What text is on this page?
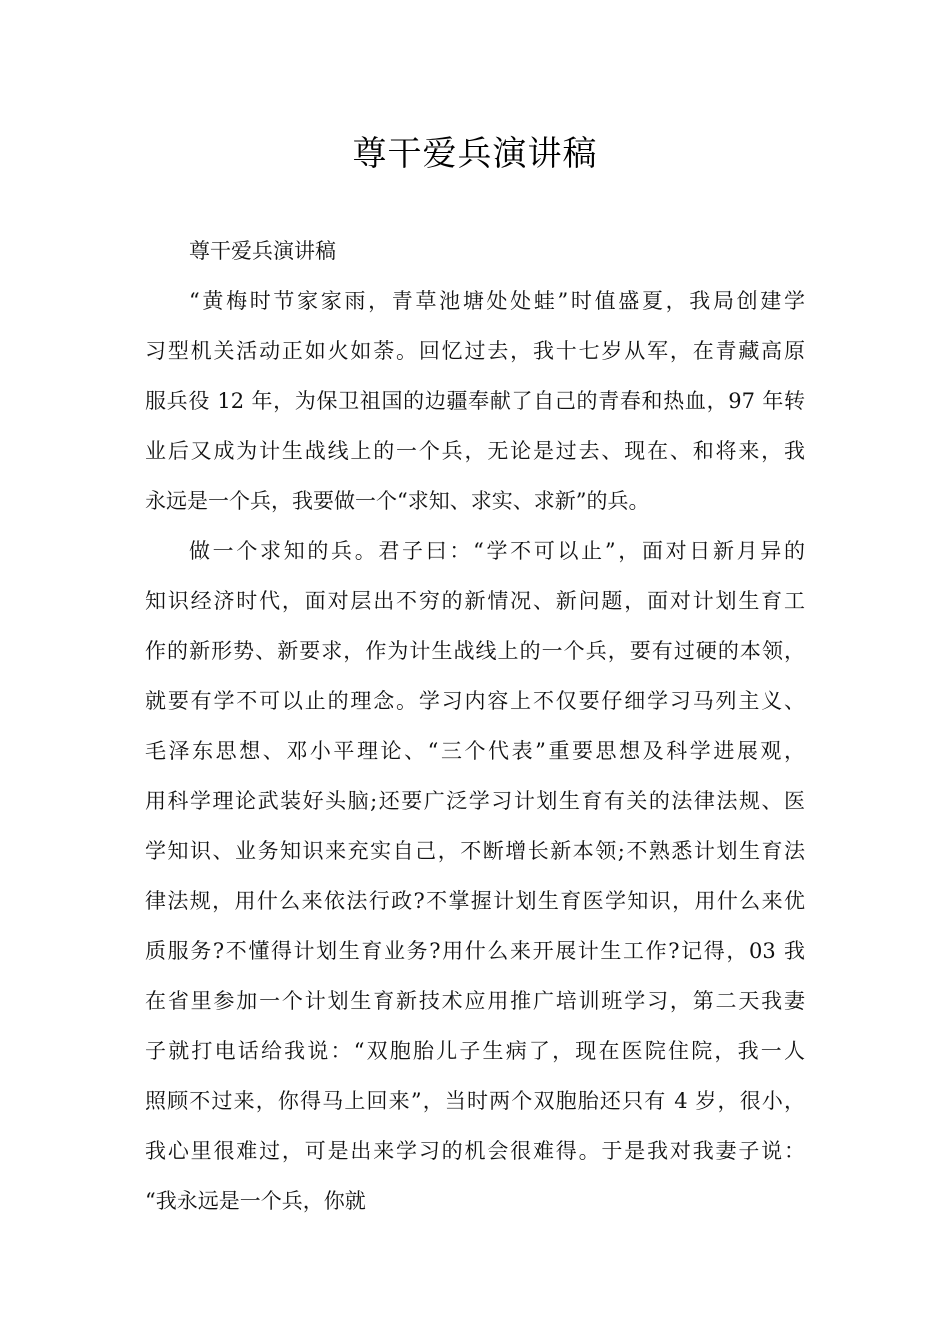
尊干爱兵演讲稿
尊干爱兵演讲稿
“黄梅时节家家雨，青草池塘处处蛙”时值盛夏，我局创建学
习型机关活动正如火如荼。回忆过去，我十七岁从军，在青藏高原
服兵役 12 年，为保卫祖国的边疆奉献了自己的青春和热血，97 年转
业后又成为计生战线上的一个兵，无论是过去、现在、和将来，我
永远是一个兵，我要做一个“求知、求实、求新”的兵。
做一个求知的兵。君子曰：“学不可以止”，面对日新月异的
知识经济时代，面对层出不穷的新情况、新问题，面对计划生育工
作的新形势、新要求，作为计生战线上的一个兵，要有过硬的本领，
就要有学不可以止的理念。学习内容上不仅要仔细学习马列主义、
毛泽东思想、邓小平理论、“三个代表”重要思想及科学进展观，
用科学理论武装好头脑;还要广泛学习计划生育有关的法律法规、医
学知识、业务知识来充实自己，不断增长新本领;不熟悉计划生育法
律法规，用什么来依法行政?不掌握计划生育医学知识，用什么来优
质服务?不懂得计划生育业务?用什么来开展计生工作?记得，03 我
在省里参加一个计划生育新技术应用推广培训班学习，第二天我妻
子就打电话给我说：“双胞胎儿子生病了，现在医院住院，我一人
照顾不过来，你得马上回来”，当时两个双胞胎还只有 4 岁，很小，
我心里很难过，可是出来学习的机会很难得。于是我对我妻子说：
“我永远是一个兵，你就
